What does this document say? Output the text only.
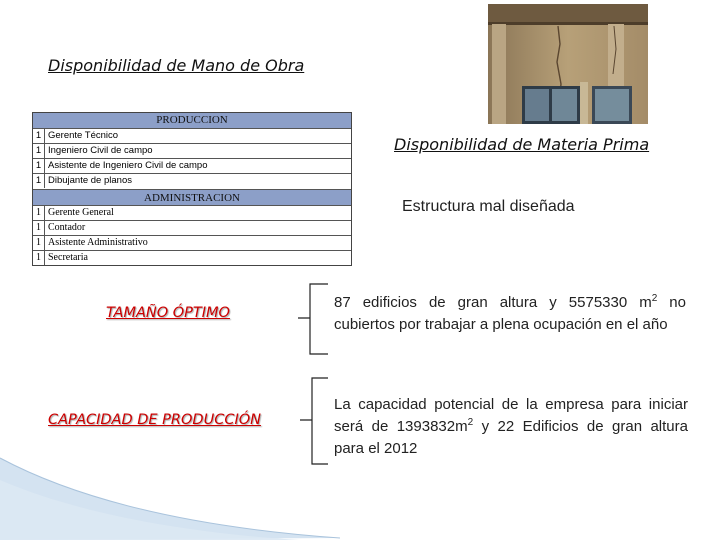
Disponibilidad de Mano de Obra
PRODUCCION
1 Gerente Técnico
1 Ingeniero Civil de campo
1 Asistente de Ingeniero Civil de campo
1 Dibujante de planos
ADMINISTRACION
1 Gerente General
1 Contador
1 Asistente Administrativo
1 Secretaria
Disponibilidad de Materia Prima
Estructura mal diseñada
TAMAÑO ÓPTIMO
87 edificios de gran altura y 5575330 $m^2$ no cubiertos por trabajar a plena ocupación en el año
CAPACIDAD DE PRODUCCIÓN
La capacidad potencial de la empresa para iniciar será de $1393832m^2$ y 22 Edificios de gran altura para el 2012
